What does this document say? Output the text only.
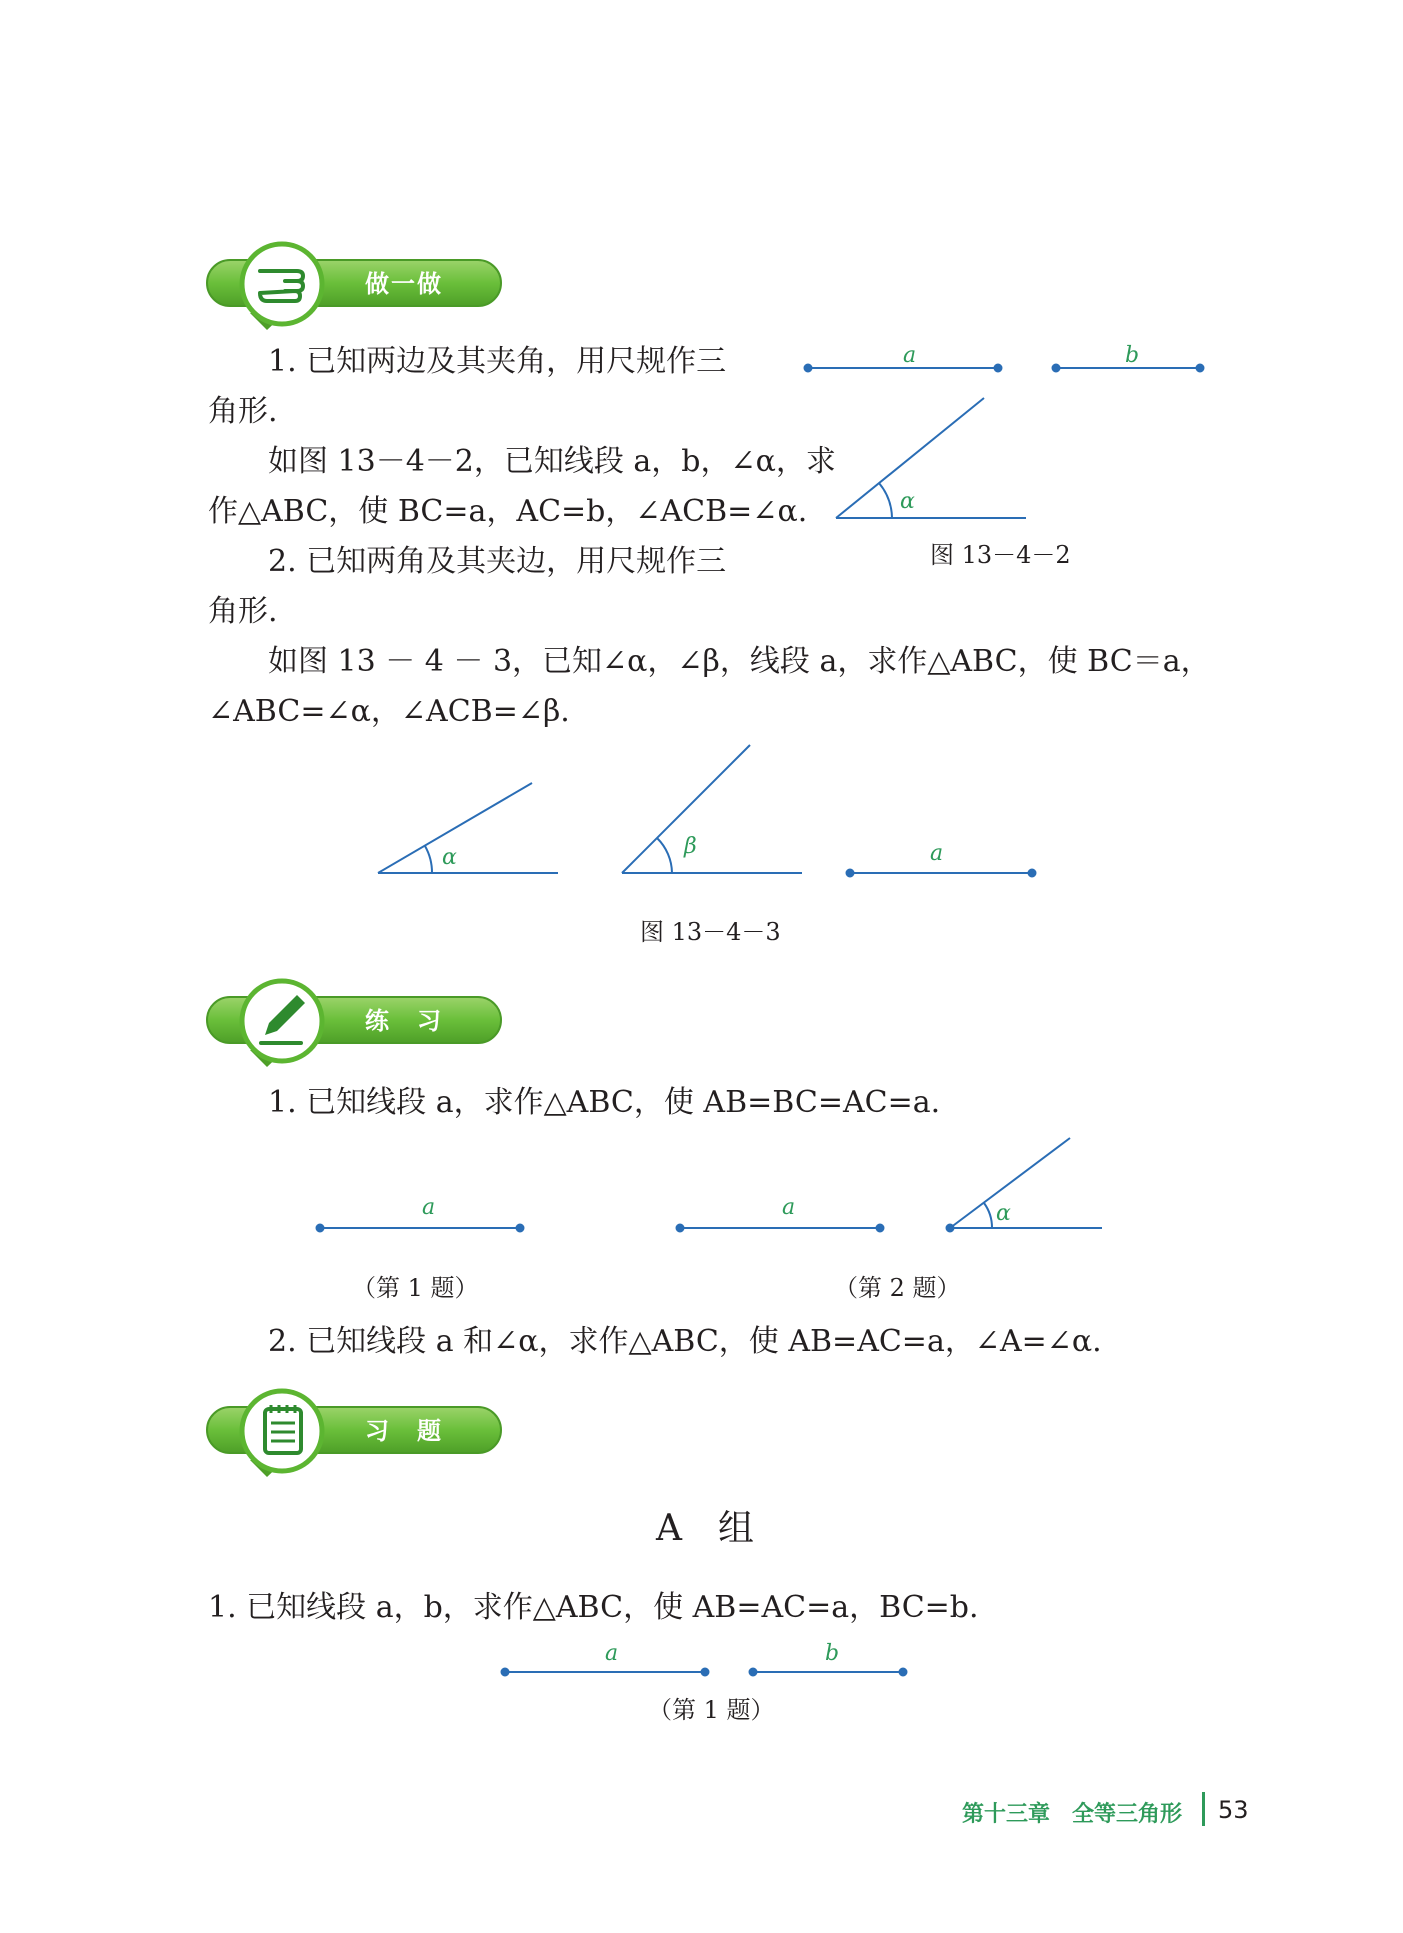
做一做
1. 已知两边及其夹角，用尺规作三
角形.
如图 13－4－2，已知线段 a，b，∠α，求
作△ABC，使 BC=a，AC=b，∠ACB=∠α.
2. 已知两角及其夹边，用尺规作三
角形.
如图 13 － 4 － 3，已知∠α，∠β，线段 a，求作△ABC，使 BC＝a，
∠ABC=∠α，∠ACB=∠β.
a	b
α
图 13－4－2
α	β	a
图 13－4－3
练　习
1. 已知线段 a，求作△ABC，使 AB=BC=AC=a.
a	a	α
（第 1 题）	（第 2 题）
2. 已知线段 a 和∠α，求作△ABC，使 AB=AC=a，∠A=∠α.
习　题
A　组
1. 已知线段 a，b，求作△ABC，使 AB=AC=a，BC=b.
a	b
（第 1 题）
第十三章　全等三角形 53
